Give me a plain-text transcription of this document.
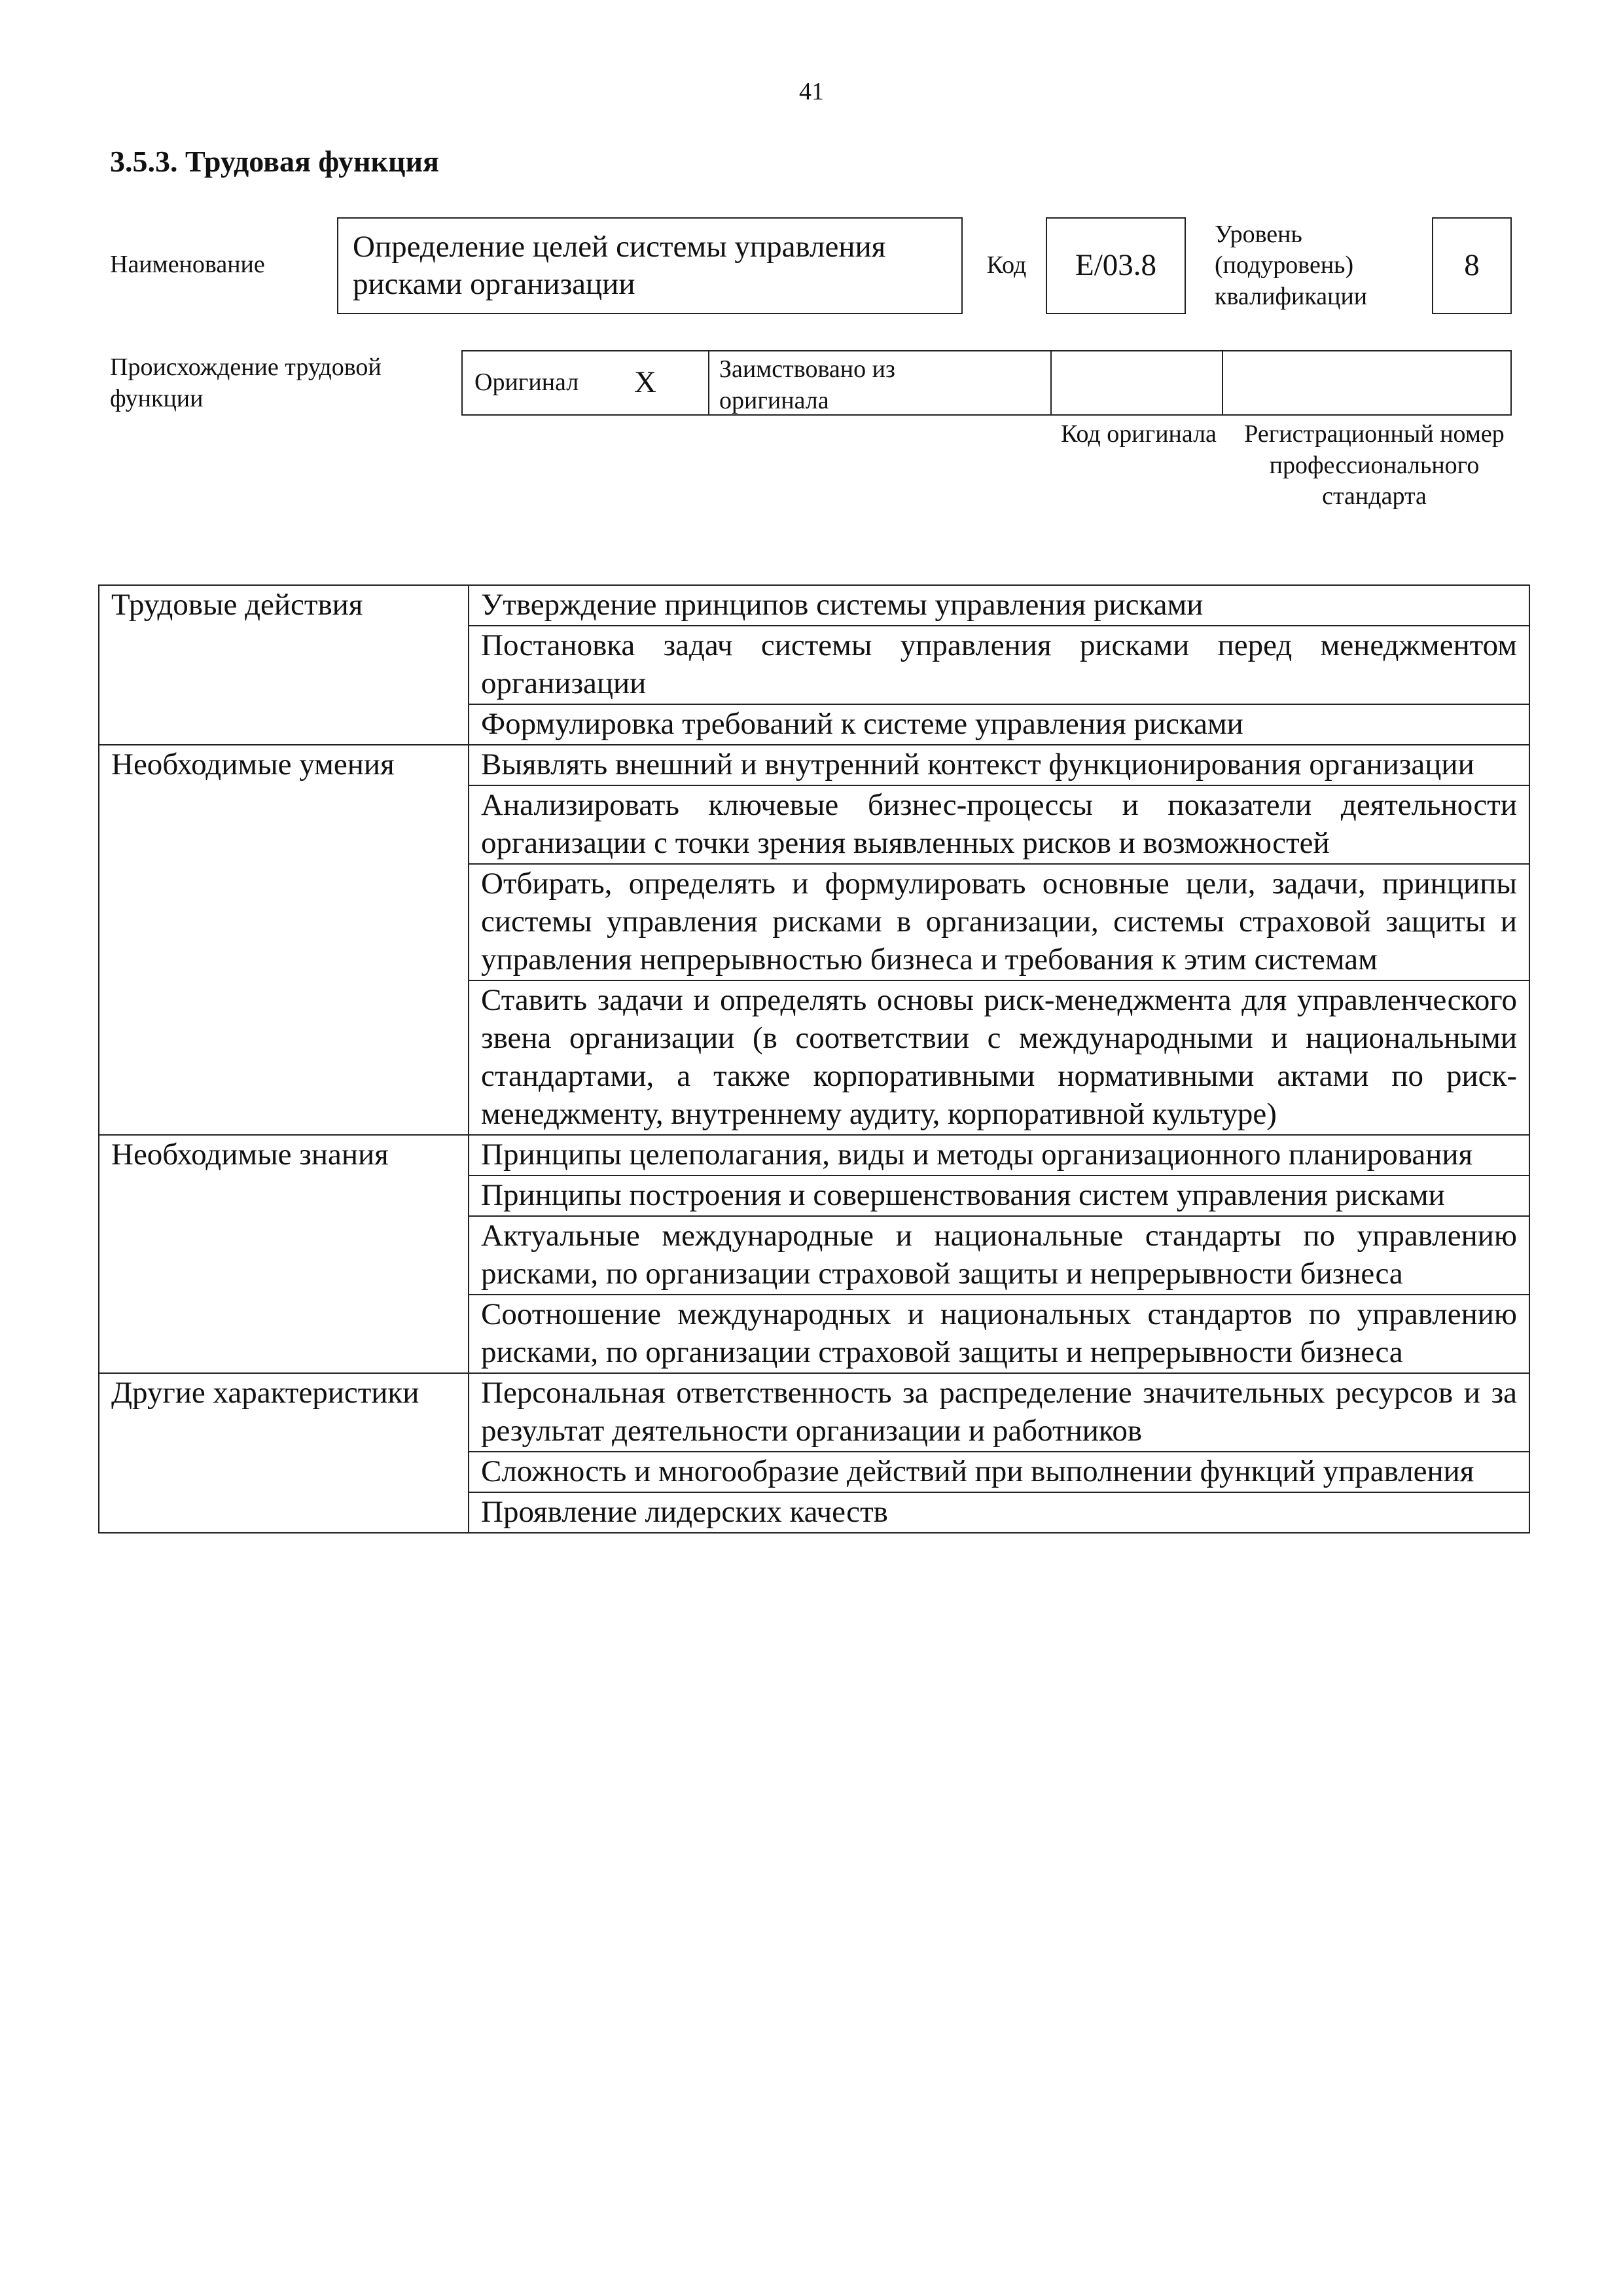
41
3.5.3. Трудовая функция
Наименование
Определение целей системы управления рисками организации
Код	E/03.8
Уровень (подуровень) квалификации
8
Происхождение трудовой функции
Оригинал X	Заимствовано из оригинала
Код оригинала Регистрационный номер профессионального стандарта
Трудовые действия	Утверждение принципов системы управления рисками
	Постановка задач системы управления рисками перед менеджментом организации
	Формулировка требований к системе управления рисками
Необходимые умения	Выявлять внешний и внутренний контекст функционирования организации
	Анализировать ключевые бизнес-процессы и показатели деятельности организации с точки зрения выявленных рисков и возможностей
	Отбирать, определять и формулировать основные цели, задачи, принципы системы управления рисками в организации, системы страховой защиты и управления непрерывностью бизнеса и требования к этим системам
	Ставить задачи и определять основы риск-менеджмента для управленческого звена организации (в соответствии с международными и национальными стандартами, а также корпоративными нормативными актами по риск-менеджменту, внутреннему аудиту, корпоративной культуре)
Необходимые знания	Принципы целеполагания, виды и методы организационного планирования
	Принципы построения и совершенствования систем управления рисками
	Актуальные международные и национальные стандарты по управлению рисками, по организации страховой защиты и непрерывности бизнеса
	Соотношение международных и национальных стандартов по управлению рисками, по организации страховой защиты и непрерывности бизнеса
Другие характеристики	Персональная ответственность за распределение значительных ресурсов и за результат деятельности организации и работников
	Сложность и многообразие действий при выполнении функций управления
	Проявление лидерских качеств
